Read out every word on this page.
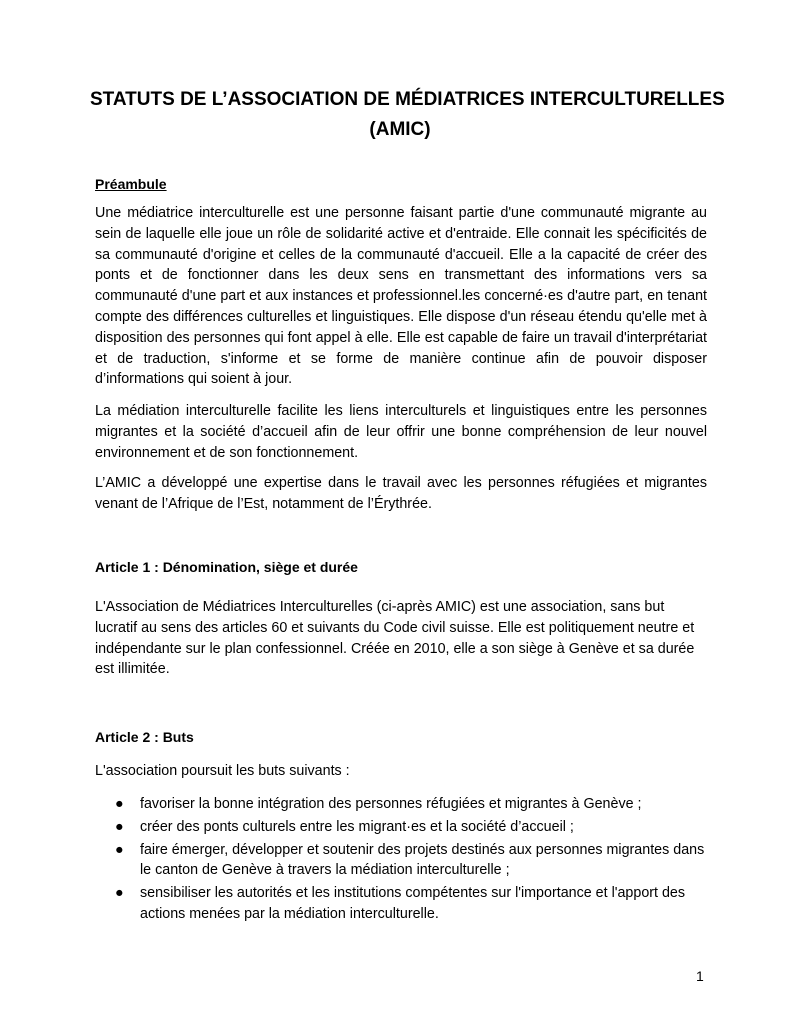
STATUTS DE L’ASSOCIATION DE MÉDIATRICES INTERCULTURELLES
(AMIC)
Préambule
Une médiatrice interculturelle est une personne faisant partie d'une communauté migrante au sein de laquelle elle joue un rôle de solidarité active et d'entraide. Elle connait les spécificités de sa communauté d'origine et celles de la communauté d'accueil. Elle a la capacité de créer des ponts et de fonctionner dans les deux sens en transmettant des informations vers sa communauté d'une part et aux instances et professionnel.les concerné·es d'autre part, en tenant compte des différences culturelles et linguistiques. Elle dispose d'un réseau étendu qu'elle met à disposition des personnes qui font appel à elle. Elle est capable de faire un travail d'interprétariat et de traduction, s'informe et se forme de manière continue afin de pouvoir disposer d’informations qui soient à jour.
La médiation interculturelle facilite les liens interculturels et linguistiques entre les personnes migrantes et la société d’accueil afin de leur offrir une bonne compréhension de leur nouvel environnement et de son fonctionnement.
L’AMIC a développé une expertise dans le travail avec les personnes réfugiées et migrantes venant de l’Afrique de l’Est, notamment de l’Érythrée.
Article 1 : Dénomination, siège et durée
L'Association de Médiatrices Interculturelles (ci-après AMIC) est une association, sans but lucratif au sens des articles 60 et suivants du Code civil suisse. Elle est politiquement neutre et indépendante sur le plan confessionnel. Créée en 2010, elle a son siège à Genève et sa durée est illimitée.
Article 2 : Buts
L'association poursuit les buts suivants :
● favoriser la bonne intégration des personnes réfugiées et migrantes à Genève ;
● créer des ponts culturels entre les migrant·es et la société d’accueil ;
● faire émerger, développer et soutenir des projets destinés aux personnes migrantes dans le canton de Genève à travers la médiation interculturelle ;
● sensibiliser les autorités et les institutions compétentes sur l'importance et l'apport des actions menées par la médiation interculturelle.
1
